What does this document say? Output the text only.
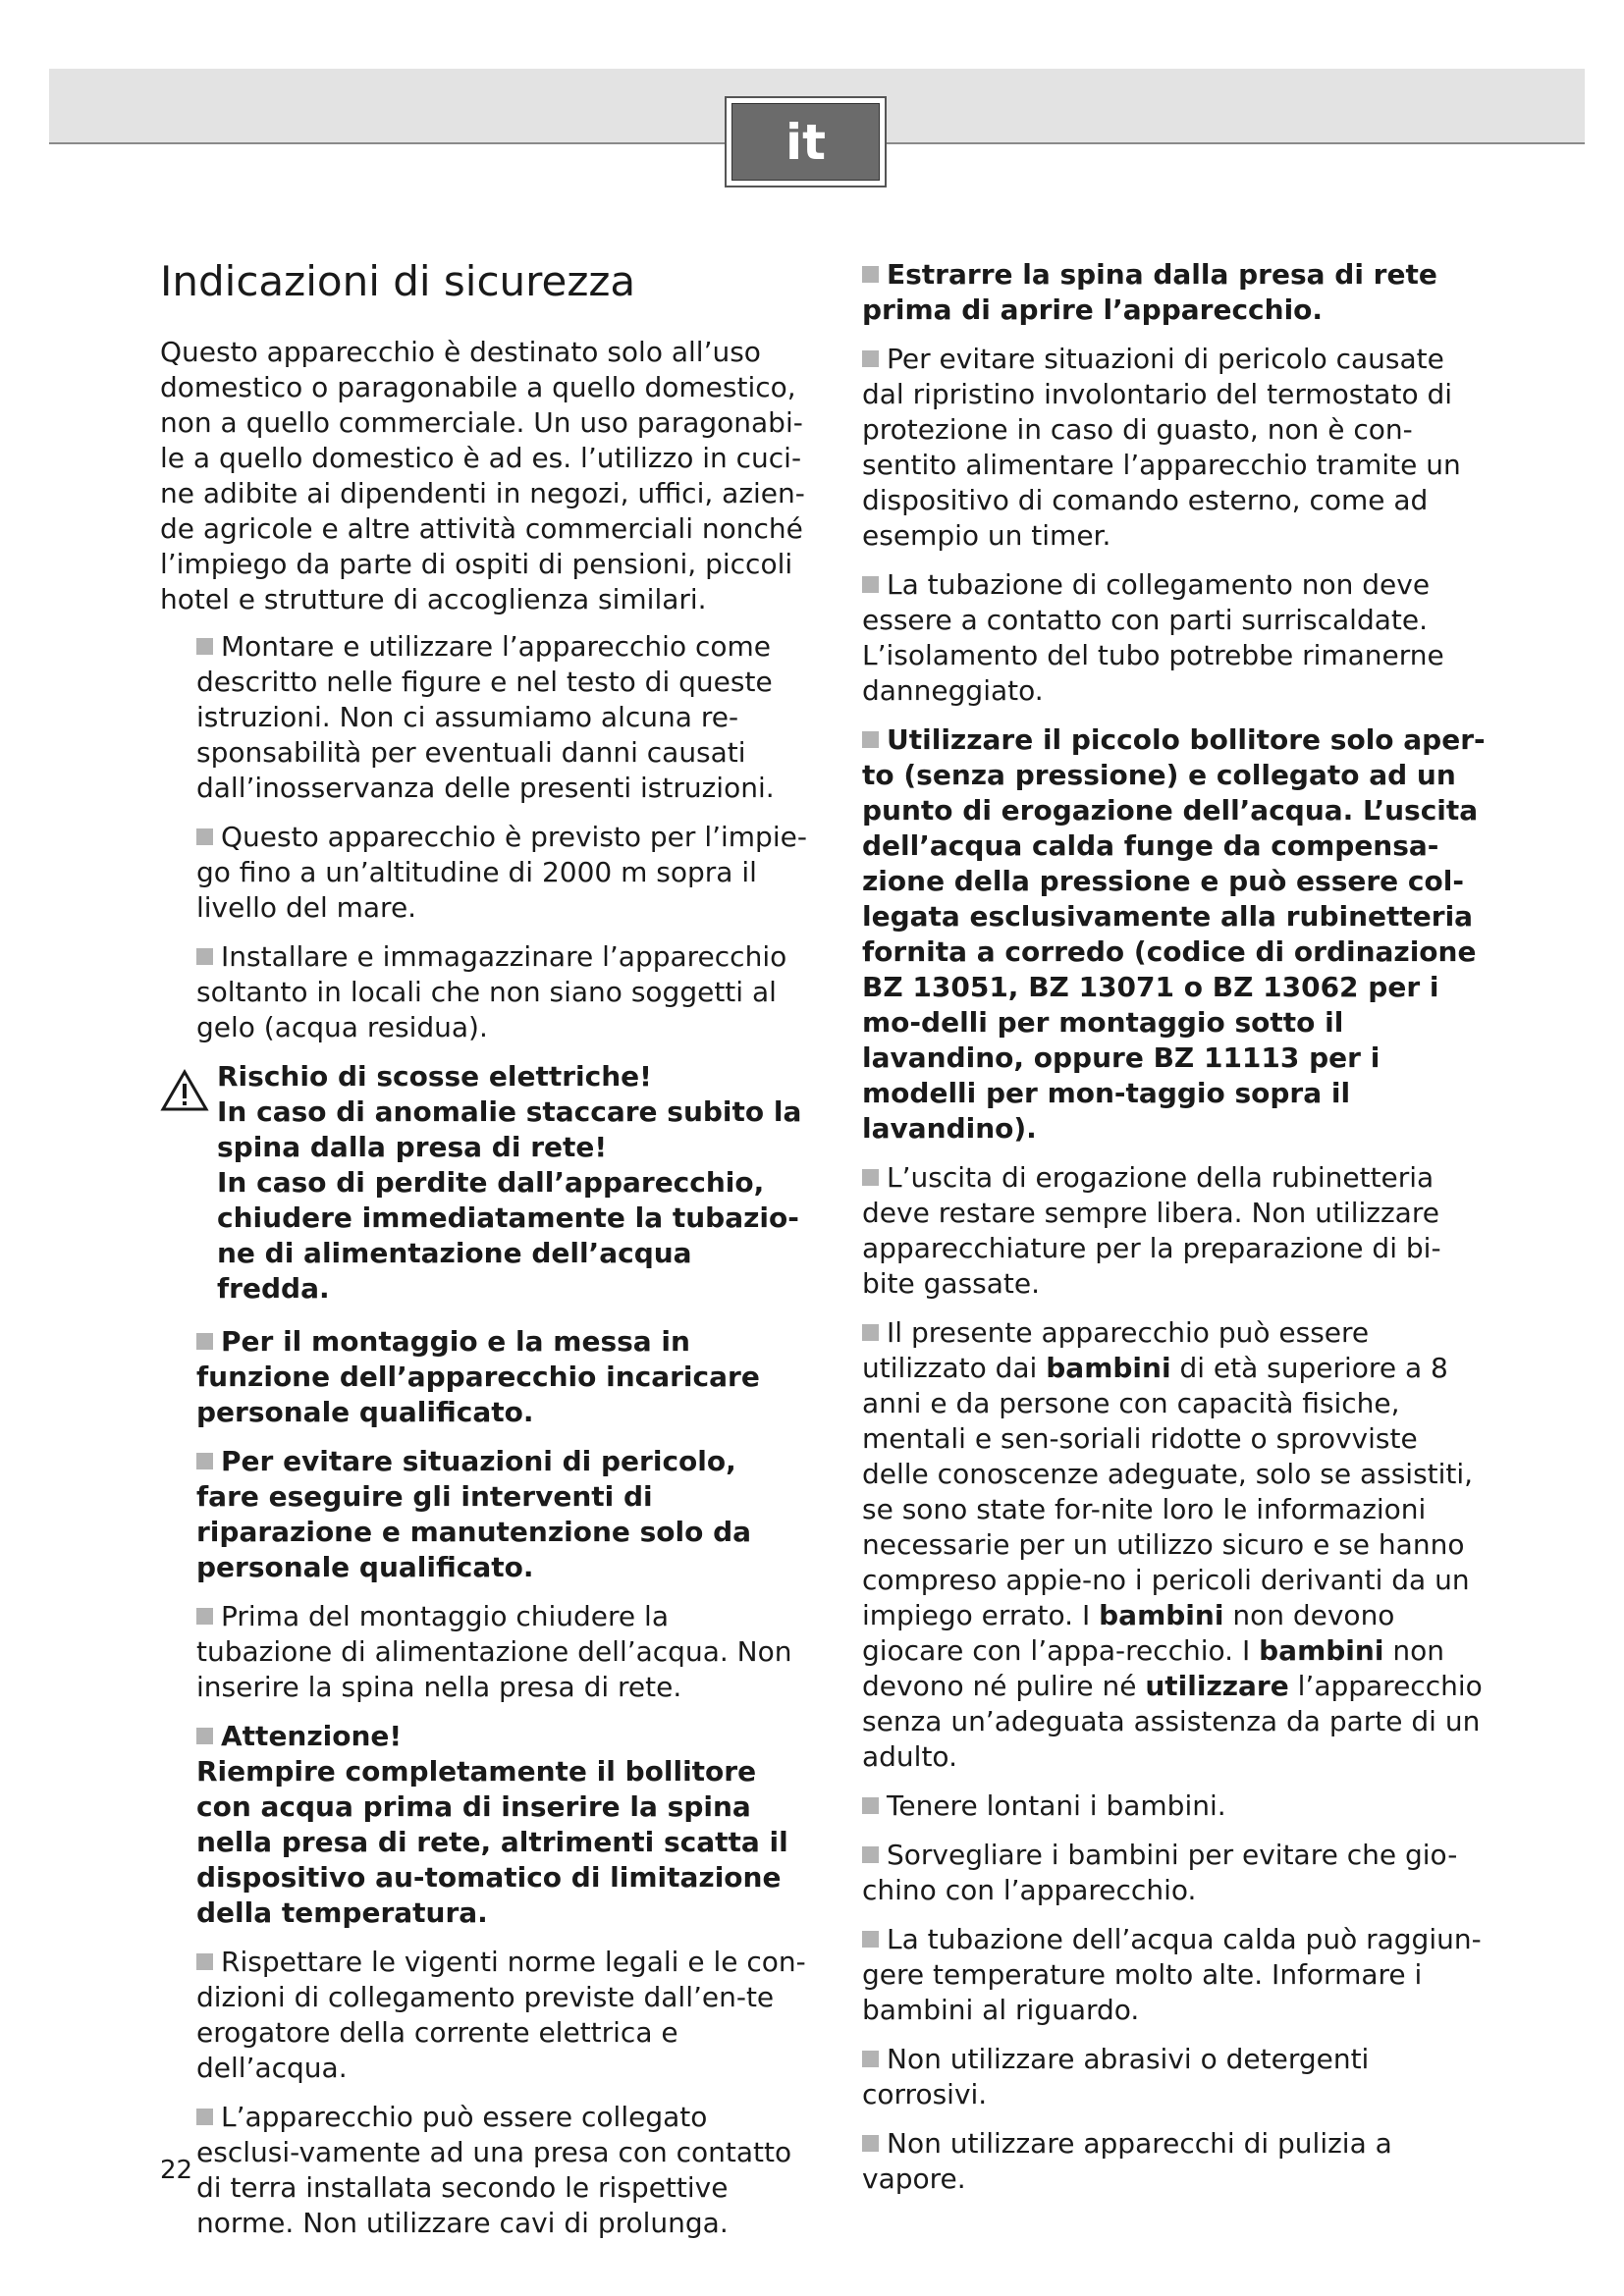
it
Indicazioni di sicurezza

Questo apparecchio è destinato solo all’uso domestico o paragonabile a quello domestico, non a quello commerciale. Un uso paragonabi-le a quello domestico è ad es. l’utilizzo in cuci-ne adibite ai dipendenti in negozi, uffici, azien-de agricole e altre attività commerciali nonché l’impiego da parte di ospiti di pensioni, piccoli hotel e strutture di accoglienza similari.

Montare e utilizzare l’apparecchio come descritto nelle figure e nel testo di queste istruzioni. Non ci assumiamo alcuna re-sponsabilità per eventuali danni causati dall’inosservanza delle presenti istruzioni.

Questo apparecchio è previsto per l’impie-go fino a un’altitudine di 2000 m sopra il livello del mare.

Installare e immagazzinare l’apparecchio soltanto in locali che non siano soggetti al gelo (acqua residua).

Rischio di scosse elettriche!
In caso di anomalie staccare subito la spina dalla presa di rete!
In caso di perdite dall’apparecchio, chiudere immediatamente la tubazio-ne di alimentazione dell’acqua fredda.

Per il montaggio e la messa in funzione dell’apparecchio incaricare personale qualificato.

Per evitare situazioni di pericolo, fare eseguire gli interventi di riparazione e manutenzione solo da personale qualificato.

Prima del montaggio chiudere la tubazione di alimentazione dell’acqua. Non inserire la spina nella presa di rete.

Attenzione!
Riempire completamente il bollitore con acqua prima di inserire la spina nella presa di rete, altrimenti scatta il dispositivo au-tomatico di limitazione della temperatura.

Rispettare le vigenti norme legali e le con-dizioni di collegamento previste dall’en-te erogatore della corrente elettrica e dell’acqua.

L’apparecchio può essere collegato esclusi-vamente ad una presa con contatto di terra installata secondo le rispettive norme. Non utilizzare cavi di prolunga.

Estrarre la spina dalla presa di rete prima di aprire l’apparecchio.

Per evitare situazioni di pericolo causate dal ripristino involontario del termostato di protezione in caso di guasto, non è con-sentito alimentare l’apparecchio tramite un dispositivo di comando esterno, come ad esempio un timer.

La tubazione di collegamento non deve essere a contatto con parti surriscaldate. L’isolamento del tubo potrebbe rimanerne danneggiato.

Utilizzare il piccolo bollitore solo aper-to (senza pressione) e collegato ad un punto di erogazione dell’acqua. L’uscita dell’acqua calda funge da compensa-zione della pressione e può essere col-legata esclusivamente alla rubinetteria fornita a corredo (codice di ordinazione BZ 13051, BZ 13071 o BZ 13062 per i mo-delli per montaggio sotto il lavandino, oppure BZ 11113 per i modelli per mon-taggio sopra il lavandino).

L’uscita di erogazione della rubinetteria deve restare sempre libera. Non utilizzare apparecchiature per la preparazione di bi-bite gassate.

Il presente apparecchio può essere utilizzato dai bambini di età superiore a 8 anni e da persone con capacità fisiche, mentali e sen-soriali ridotte o sprovviste delle conoscenze adeguate, solo se assistiti, se sono state for-nite loro le informazioni necessarie per un utilizzo sicuro e se hanno compreso appie-no i pericoli derivanti da un impiego errato. I bambini non devono giocare con l’appa-recchio. I bambini non devono né pulire né utilizzare l’apparecchio senza un’adeguata assistenza da parte di un adulto.

Tenere lontani i bambini.

Sorvegliare i bambini per evitare che gio-chino con l’apparecchio.

La tubazione dell’acqua calda può raggiun-gere temperature molto alte. Informare i bambini al riguardo.

Non utilizzare abrasivi o detergenti corrosivi.

Non utilizzare apparecchi di pulizia a vapore.

22
